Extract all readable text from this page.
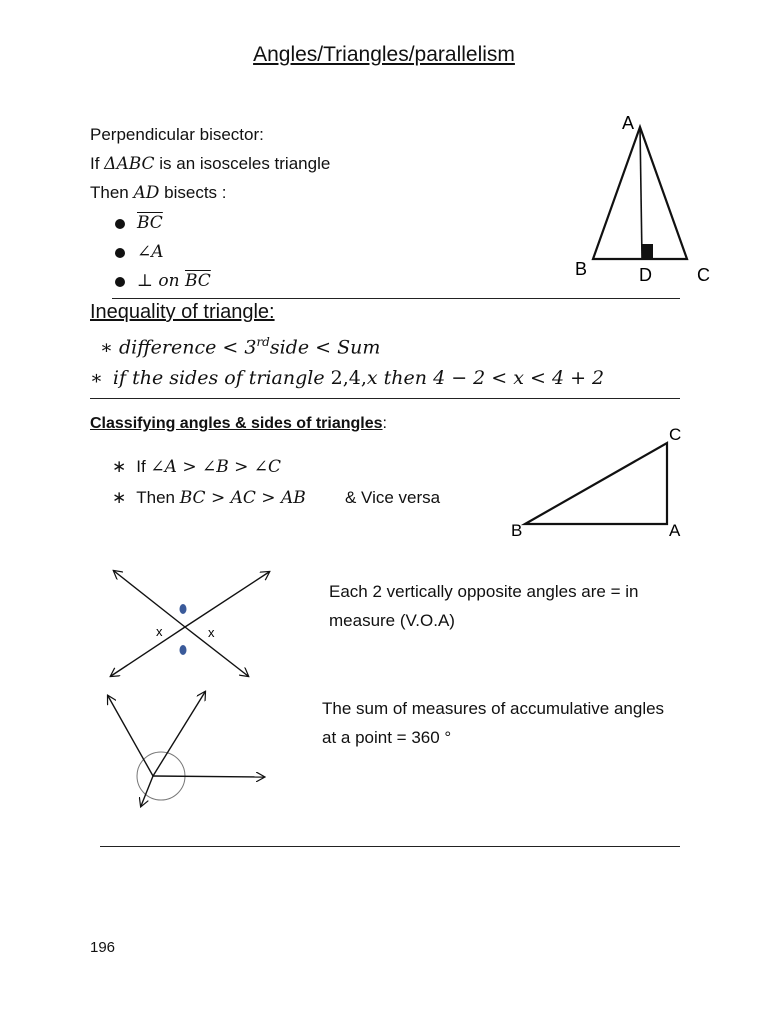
Angles/Triangles/parallelism
Perpendicular bisector:
If ΔABC is an isosceles triangle
Then AD bisects :
$\overline{BC}$
∠A
⊥ on $\overline{BC}$
A
B	D	C
Inequality of triangle:
∗ difference < 3rdside < Sum
∗ if the sides of triangle 2,4,x then 4 − 2 < x < 4 + 2
Classifying angles & sides of triangles:
∗ If ∠A > ∠B > ∠C
∗ Then BC > AC > AB & Vice versa
C
B	A
x	x
Each 2 vertically opposite angles are = in
measure (V.O.A)
The sum of measures of accumulative angles
at a point = 360 °
196
